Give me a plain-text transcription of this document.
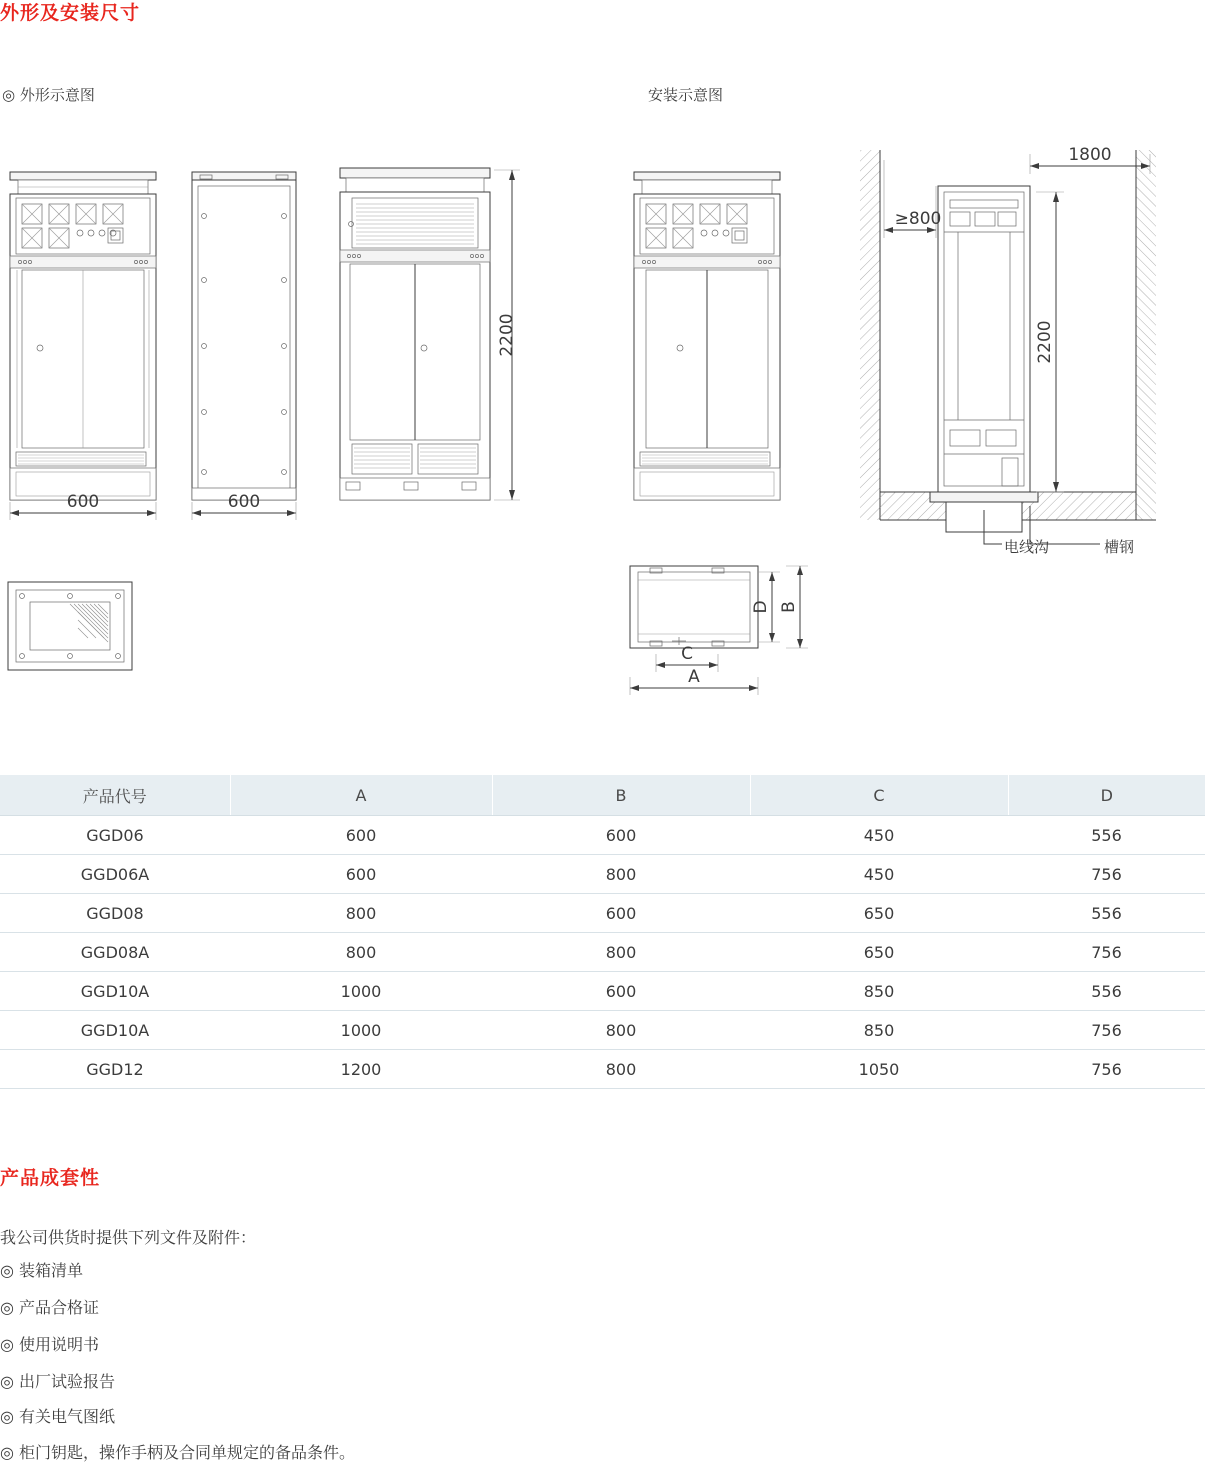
外形及安装尺寸
◎ 外形示意图	安装示意图
600	600
2200
D B
C
A
≥800
1800
2200
电线沟	槽钢
产品代号	A	B	C	D
GGD06	600	600	450	556
GGD06A	600	800	450	756
GGD08	800	600	650	556
GGD08A	800	800	650	756
GGD10A	1000	600	850	556
GGD10A	1000	800	850	756
GGD12	1200	800	1050	756
产品成套性
我公司供货时提供下列文件及附件：
◎ 装箱清单
◎ 产品合格证
◎ 使用说明书
◎ 出厂试验报告
◎ 有关电气图纸
◎ 柜门钥匙，操作手柄及合同单规定的备品条件。
